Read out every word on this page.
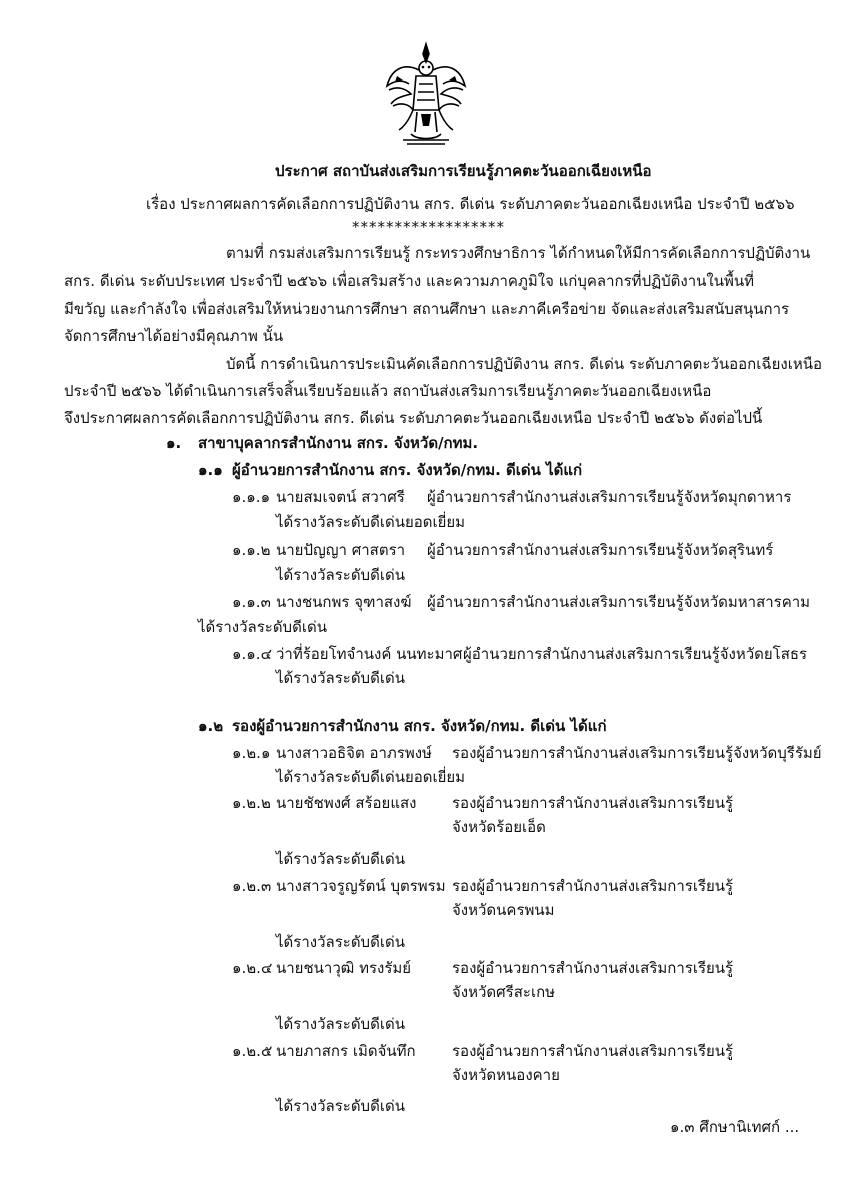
ประกาศ สถาบันส่งเสริมการเรียนรู้ภาคตะวันออกเฉียงเหนือ
เรื่อง ประกาศผลการคัดเลือกการปฏิบัติงาน สกร. ดีเด่น ระดับภาคตะวันออกเฉียงเหนือ ประจำปี ๒๕๖๖
******************
ตามที่ กรมส่งเสริมการเรียนรู้ กระทรวงศึกษาธิการ ได้กำหนดให้มีการคัดเลือกการปฏิบัติงาน
สกร. ดีเด่น ระดับประเทศ ประจำปี ๒๕๖๖ เพื่อเสริมสร้าง และความภาคภูมิใจ แก่บุคลากรที่ปฏิบัติงานในพื้นที่
มีขวัญ และกำลังใจ เพื่อส่งเสริมให้หน่วยงานการศึกษา สถานศึกษา และภาคีเครือข่าย จัดและส่งเสริมสนับสนุนการ
จัดการศึกษาได้อย่างมีคุณภาพ นั้น
บัดนี้ การดำเนินการประเมินคัดเลือกการปฏิบัติงาน สกร. ดีเด่น ระดับภาคตะวันออกเฉียงเหนือ
ประจำปี ๒๕๖๖ ได้ดำเนินการเสร็จสิ้นเรียบร้อยแล้ว สถาบันส่งเสริมการเรียนรู้ภาคตะวันออกเฉียงเหนือ
จึงประกาศผลการคัดเลือกการปฏิบัติงาน สกร. ดีเด่น ระดับภาคตะวันออกเฉียงเหนือ ประจำปี ๒๕๖๖ ดังต่อไปนี้
๑. สาขาบุคลากรสำนักงาน สกร. จังหวัด/กทม.
๑.๑ ผู้อำนวยการสำนักงาน สกร. จังหวัด/กทม. ดีเด่น ได้แก่
๑.๑.๑ นายสมเจตน์ สวาศรี ผู้อำนวยการสำนักงานส่งเสริมการเรียนรู้จังหวัดมุกดาหาร
ได้รางวัลระดับดีเด่นยอดเยี่ยม
๑.๑.๒ นายปัญญา ศาสตรา ผู้อำนวยการสำนักงานส่งเสริมการเรียนรู้จังหวัดสุรินทร์
ได้รางวัลระดับดีเด่น
๑.๑.๓ นางชนกพร จุฑาสงฆ์ ผู้อำนวยการสำนักงานส่งเสริมการเรียนรู้จังหวัดมหาสารคาม
ได้รางวัลระดับดีเด่น
๑.๑.๔ ว่าที่ร้อยโทจำนงค์ นนทะมาศ ผู้อำนวยการสำนักงานส่งเสริมการเรียนรู้จังหวัดยโสธร
ได้รางวัลระดับดีเด่น
๑.๒ รองผู้อำนวยการสำนักงาน สกร. จังหวัด/กทม. ดีเด่น ได้แก่
๑.๒.๑ นางสาวอธิจิต อาภรพงษ์ รองผู้อำนวยการสำนักงานส่งเสริมการเรียนรู้จังหวัดบุรีรัมย์
ได้รางวัลระดับดีเด่นยอดเยี่ยม
๑.๒.๒ นายชัชพงศ์ สร้อยแสง รองผู้อำนวยการสำนักงานส่งเสริมการเรียนรู้
จังหวัดร้อยเอ็ด
ได้รางวัลระดับดีเด่น
๑.๒.๓ นางสาวจรูญรัตน์ บุตรพรม รองผู้อำนวยการสำนักงานส่งเสริมการเรียนรู้
จังหวัดนครพนม
ได้รางวัลระดับดีเด่น
๑.๒.๔ นายชนาวุฒิ ทรงรัมย์	รองผู้อำนวยการสำนักงานส่งเสริมการเรียนรู้
จังหวัดศรีสะเกษ
ได้รางวัลระดับดีเด่น
๑.๒.๕ นายภาสกร เมิดจันทึก รองผู้อำนวยการสำนักงานส่งเสริมการเรียนรู้
จังหวัดหนองคาย
ได้รางวัลระดับดีเด่น
๑.๓ ศึกษานิเทศก์ ...
